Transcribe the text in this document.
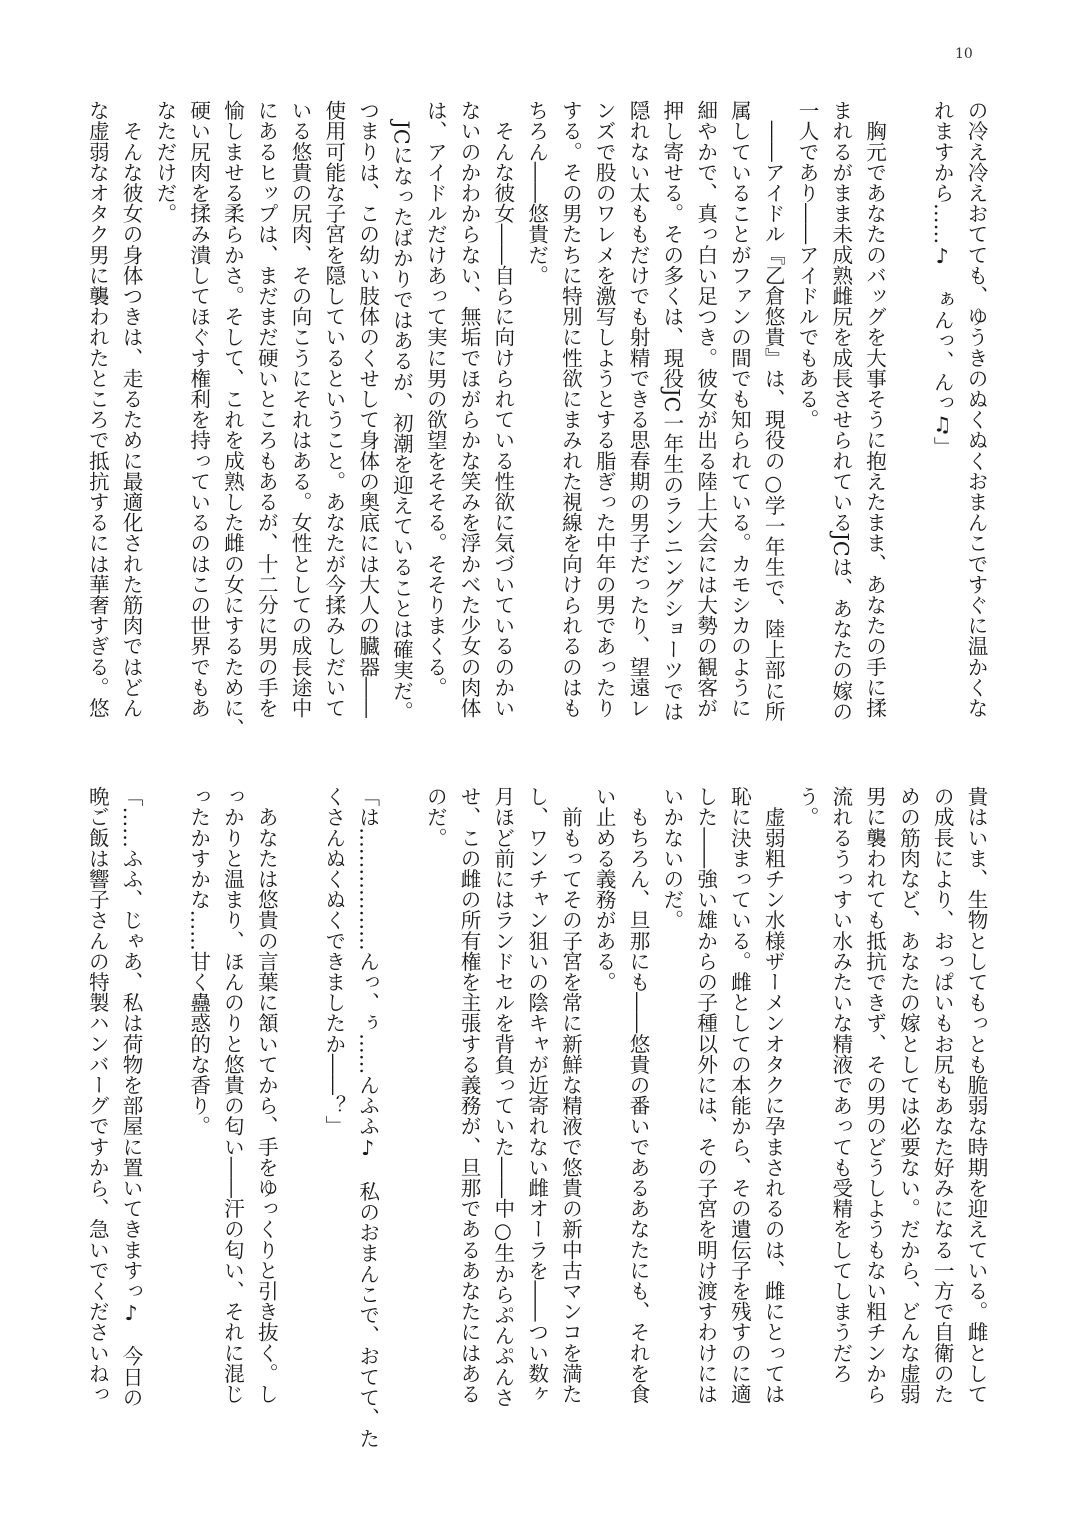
10
の冷え冷えおてても、ゆうきのぬくぬくおまんこですぐに温かくな
れますから……♪　ぁんっ、んっ♫」
　胸元であなたのバッグを大事そうに抱えたまま、あなたの手に揉
まれるがまま未成熟雌尻を成長させられているJCは、あなたの嫁の
一人であり――アイドルでもある。
　――アイドル『乙倉悠貴』は、現役の○学一年生で、陸上部に所
属していることがファンの間でも知られている。カモシカのように
細やかで、真っ白い足つき。彼女が出る陸上大会には大勢の観客が
押し寄せる。その多くは、現役JC一年生のランニングショーツでは
隠れない太ももだけでも射精できる思春期の男子だったり、望遠レ
ンズで股のワレメを激写しようとする脂ぎった中年の男であったり
する。その男たちに特別に性欲にまみれた視線を向けられるのはも
ちろん――悠貴だ。
　そんな彼女――自らに向けられている性欲に気づいているのかい
ないのかわからない、無垢でほがらかな笑みを浮かべた少女の肉体
は、アイドルだけあって実に男の欲望をそそる。そそりまくる。
　JCになったばかりではあるが、初潮を迎えていることは確実だ。
つまりは、この幼い肢体のくせして身体の奥底には大人の臓器――
使用可能な子宮を隠しているということ。あなたが今揉みしだいて
いる悠貴の尻肉、その向こうにそれはある。女性としての成長途中
にあるヒップは、まだまだ硬いところもあるが、十二分に男の手を
愉しませる柔らかさ。そして、これを成熟した雌の女にするために、
硬い尻肉を揉み潰してほぐす権利を持っているのはこの世界でもあ
なただけだ。
　そんな彼女の身体つきは、走るために最適化された筋肉ではどん
な虚弱なオタク男に襲われたところで抵抗するには華奢すぎる。悠
貴はいま、生物としてもっとも脆弱な時期を迎えている。雌として
の成長により、おっぱいもお尻もあなた好みになる一方で自衛のた
めの筋肉など、あなたの嫁としては必要ない。だから、どんな虚弱
男に襲われても抵抗できず、その男のどうしようもない粗チンから
流れるうっすい水みたいな精液であっても受精をしてしまうだろ
う。
　虚弱粗チン水様ザーメンオタクに孕まされるのは、雌にとっては
恥に決まっている。雌としての本能から、その遺伝子を残すのに適
した――強い雄からの子種以外には、その子宮を明け渡すわけには
いかないのだ。
　もちろん、旦那にも――悠貴の番いであるあなたにも、それを食
い止める義務がある。
　前もってその子宮を常に新鮮な精液で悠貴の新中古マンコを満た
し、ワンチャン狙いの陰キャが近寄れない雌オーラを――つい数ヶ
月ほど前にはランドセルを背負っていた――中○生からぷんぷんさ
せ、この雌の所有権を主張する義務が、旦那であるあなたにはある
のだ。
「は………………んっ、ぅ……んふふ♪　私のおまんこで、おてて、た
くさんぬくぬくできましたか――？」
　あなたは悠貴の言葉に頷いてから、手をゆっくりと引き抜く。し
っかりと温まり、ほんのりと悠貴の匂い――汗の匂い、それに混じ
ったかすかな……甘く蠱惑的な香り。
「……ふふ、じゃあ、私は荷物を部屋に置いてきますっ♪　今日の
晩ご飯は響子さんの特製ハンバーグですから、急いでくださいねっ
